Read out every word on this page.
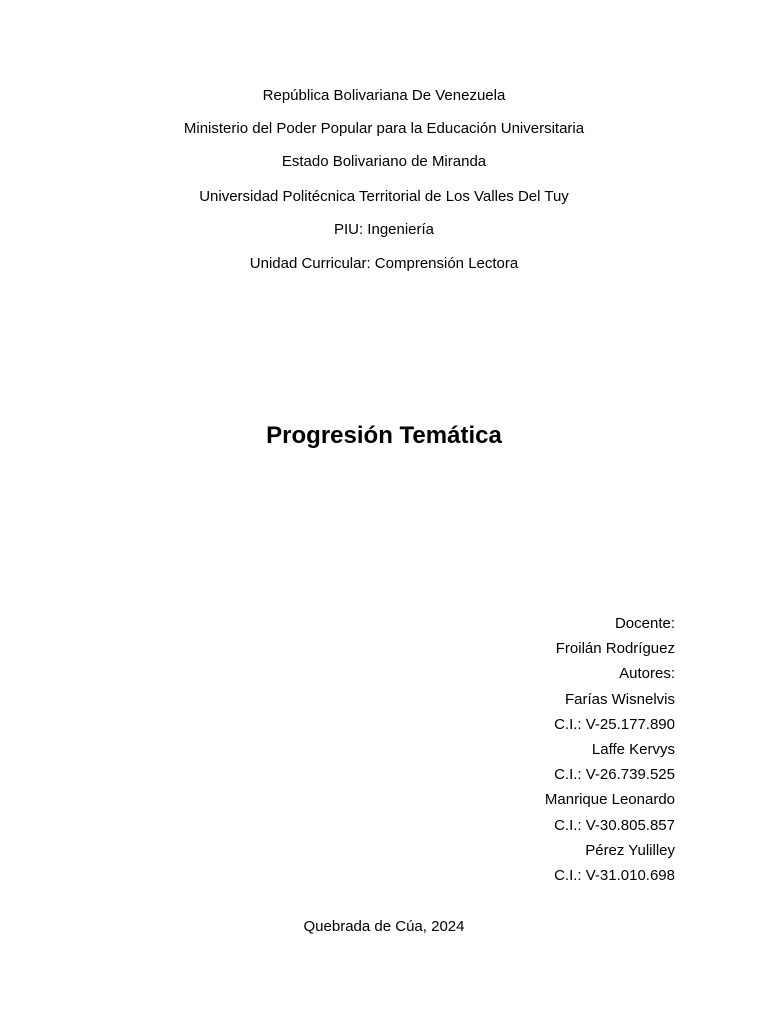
República Bolivariana De Venezuela
Ministerio del Poder Popular para la Educación Universitaria
Estado Bolivariano de Miranda
Universidad Politécnica Territorial de Los Valles Del Tuy
PIU: Ingeniería
Unidad Curricular: Comprensión Lectora
Progresión Temática
Docente:
Froilán Rodríguez
Autores:
Farías Wisnelvis
C.I.: V-25.177.890
Laffe Kervys
C.I.: V-26.739.525
Manrique Leonardo
C.I.: V-30.805.857
Pérez Yulilley
C.I.: V-31.010.698
Quebrada de Cúa, 2024
